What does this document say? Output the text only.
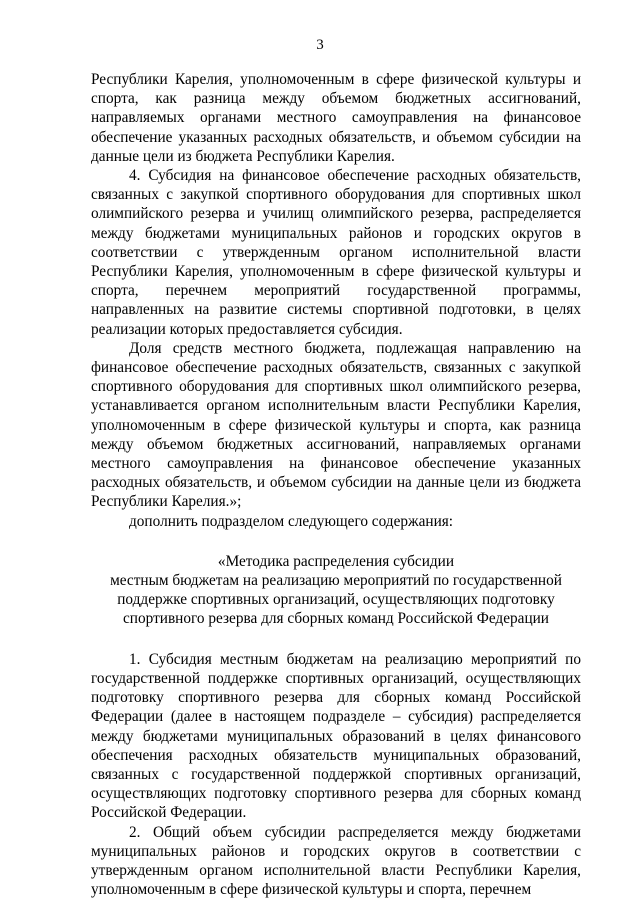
3

Республики Карелия, уполномоченным в сфере физической культуры и спорта, как разница между объемом бюджетных ассигнований, направляемых органами местного самоуправления на финансовое обеспечение указанных расходных обязательств, и объемом субсидии на данные цели из бюджета Республики Карелия.

4. Субсидия на финансовое обеспечение расходных обязательств, связанных с закупкой спортивного оборудования для спортивных школ олимпийского резерва и училищ олимпийского резерва, распределяется между бюджетами муниципальных районов и городских округов в соответствии с утвержденным органом исполнительной власти Республики Карелия, уполномоченным в сфере физической культуры и спорта, перечнем мероприятий государственной программы, направленных на развитие системы спортивной подготовки, в целях реализации которых предоставляется субсидия.

Доля средств местного бюджета, подлежащая направлению на финансовое обеспечение расходных обязательств, связанных с закупкой спортивного оборудования для спортивных школ олимпийского резерва, устанавливается органом исполнительным власти Республики Карелия, уполномоченным в сфере физической культуры и спорта, как разница между объемом бюджетных ассигнований, направляемых органами местного самоуправления на финансовое обеспечение указанных расходных обязательств, и объемом субсидии на данные цели из бюджета Республики Карелия.»;

дополнить подразделом следующего содержания:

«Методика распределения субсидии

местным бюджетам на реализацию мероприятий по государственной

поддержке спортивных организаций, осуществляющих подготовку

спортивного резерва для сборных команд Российской Федерации

1. Субсидия местным бюджетам на реализацию мероприятий по государственной поддержке спортивных организаций, осуществляющих подготовку спортивного резерва для сборных команд Российской Федерации (далее в настоящем подразделе – субсидия) распределяется между бюджетами муниципальных образований в целях финансового обеспечения расходных обязательств муниципальных образований, связанных с государственной поддержкой спортивных организаций, осуществляющих подготовку спортивного резерва для сборных команд Российской Федерации.

2. Общий объем субсидии распределяется между бюджетами муниципальных районов и городских округов в соответствии с утвержденным органом исполнительной власти Республики Карелия, уполномоченным в сфере физической культуры и спорта, перечнем
